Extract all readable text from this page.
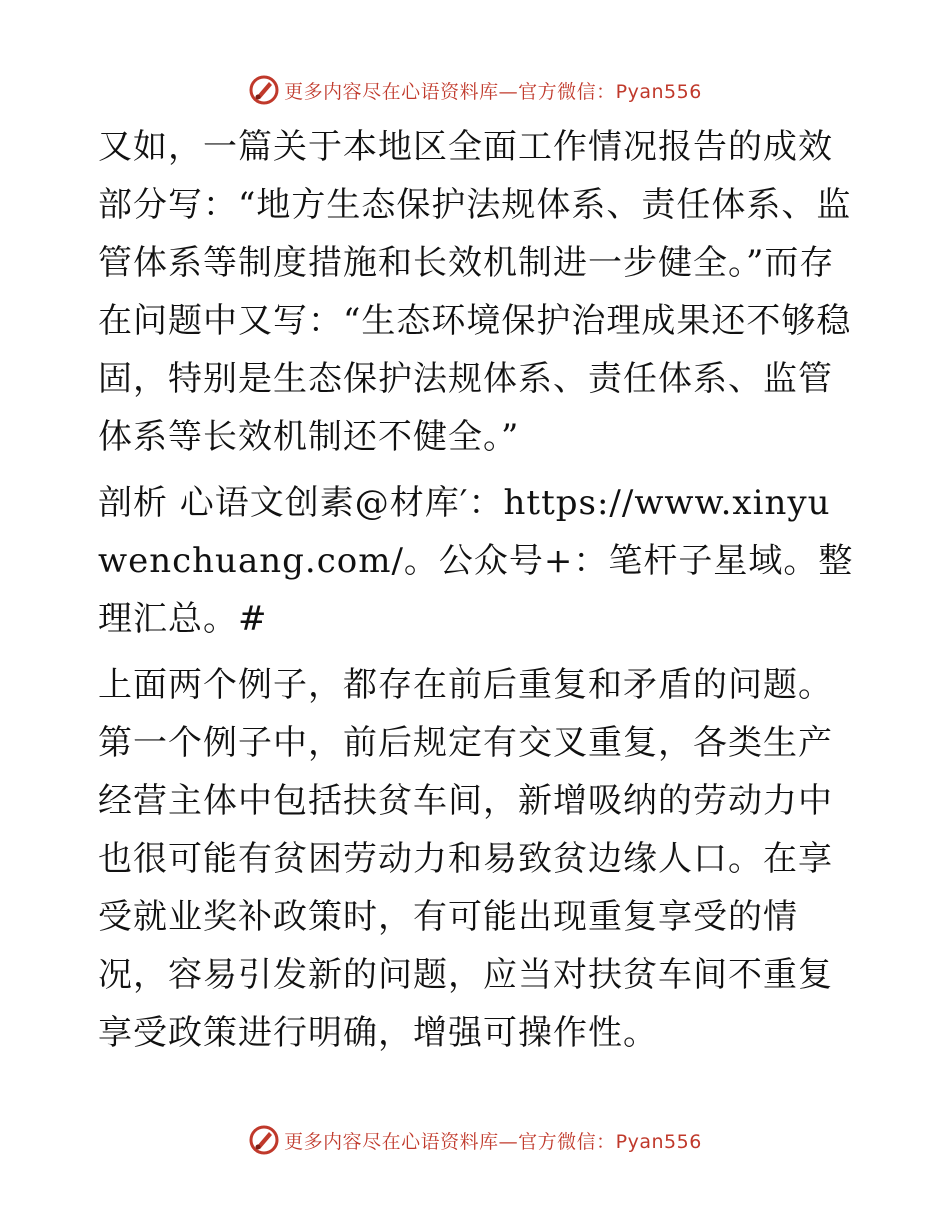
更多内容尽在心语资料库—官方微信：Pyan556

又如，一篇关于本地区全面工作情况报告的成效部分写：“地方生态保护法规体系、责任体系、监管体系等制度措施和长效机制进一步健全。”而存在问题中又写：“生态环境保护治理成果还不够稳固，特别是生态保护法规体系、责任体系、监管体系等长效机制还不健全。”

剖析 心语文创素@材库′：https://www.xinyuwenchuang.com/。公众号+：笔杆子星域。整理汇总。#

上面两个例子，都存在前后重复和矛盾的问题。第一个例子中，前后规定有交叉重复，各类生产经营主体中包括扶贫车间，新增吸纳的劳动力中也很可能有贫困劳动力和易致贫边缘人口。在享受就业奖补政策时，有可能出现重复享受的情况，容易引发新的问题，应当对扶贫车间不重复享受政策进行明确，增强可操作性。

更多内容尽在心语资料库—官方微信：Pyan556
